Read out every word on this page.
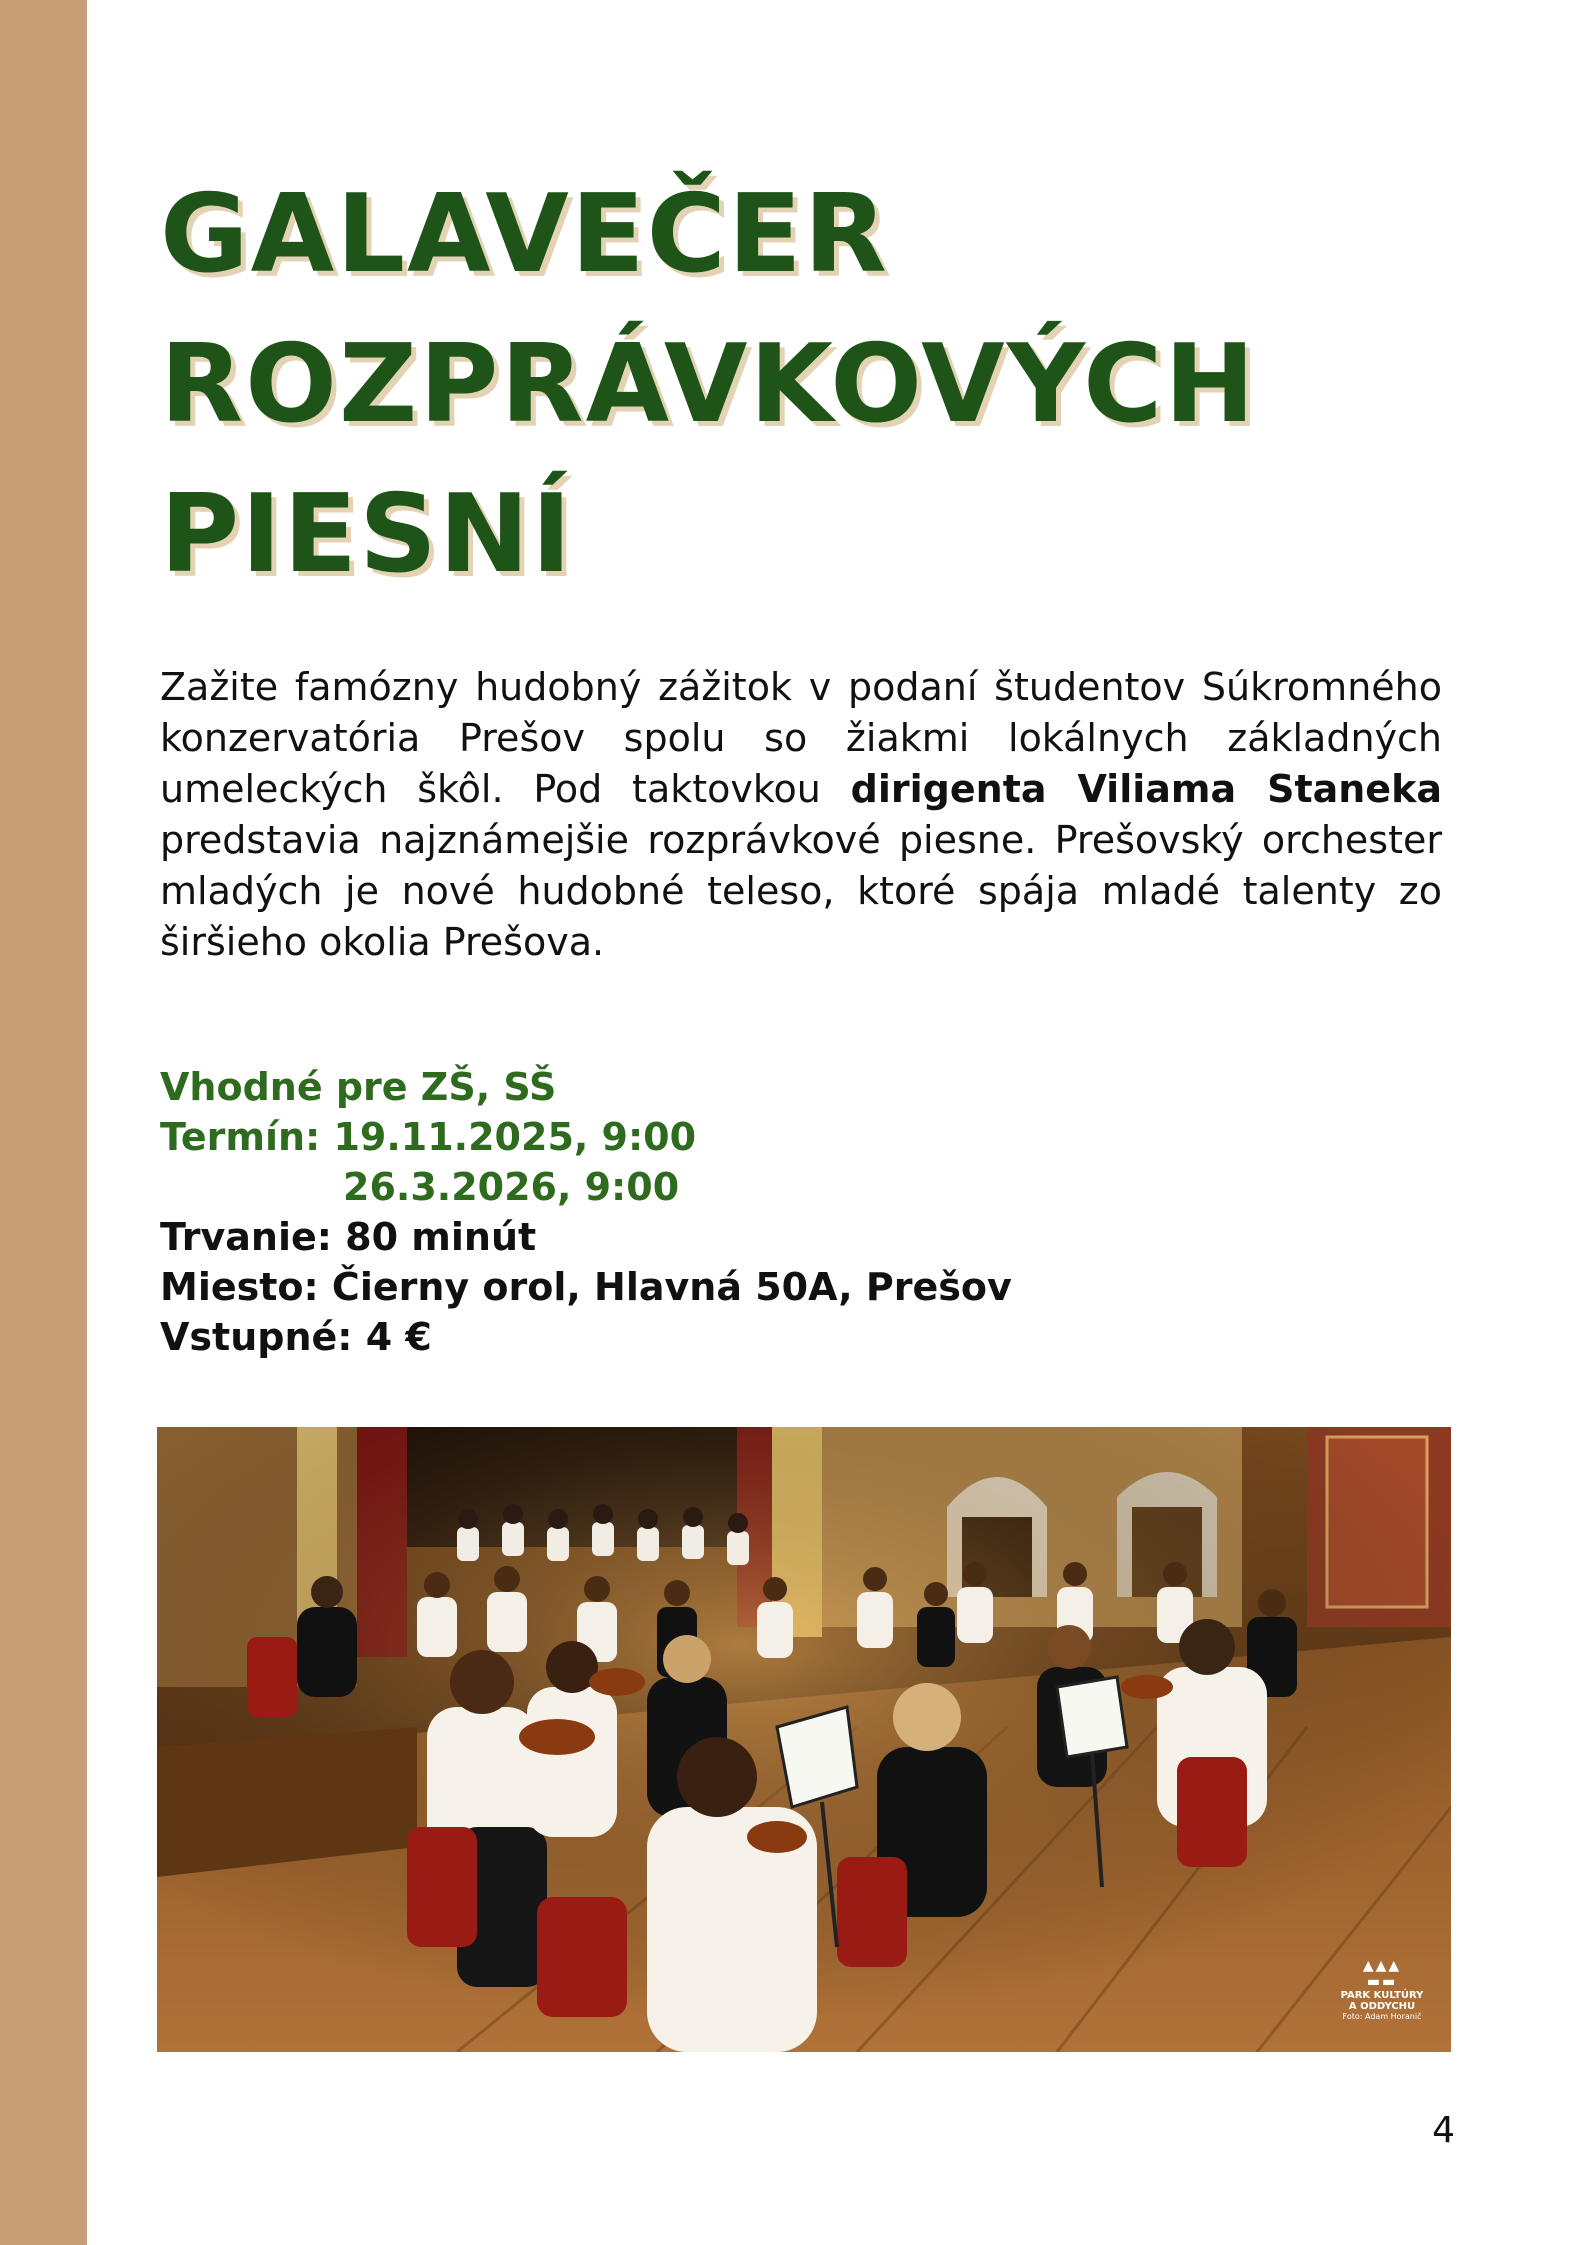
GALAVEČER
ROZPRÁVKOVÝCH
PIESNÍ

Zažite famózny hudobný zážitok v podaní študentov Súkromného konzervatória Prešov spolu so žiakmi lokálnych základných umeleckých škôl. Pod taktovkou dirigenta Viliama Staneka predstavia najznámejšie rozprávkové piesne. Prešovský orchester mladých je nové hudobné teleso, ktoré spája mladé talenty zo širšieho okolia Prešova.

Vhodné pre ZŠ, SŠ
Termín: 19.11.2025, 9:00
26.3.2026, 9:00
Trvanie: 80 minút
Miesto: Čierny orol, Hlavná 50A, Prešov
Vstupné: 4 €
▲▲▲
▬▬
PARK KULTÚRY
A ODDYCHU
Foto: Adam Horanič
4
